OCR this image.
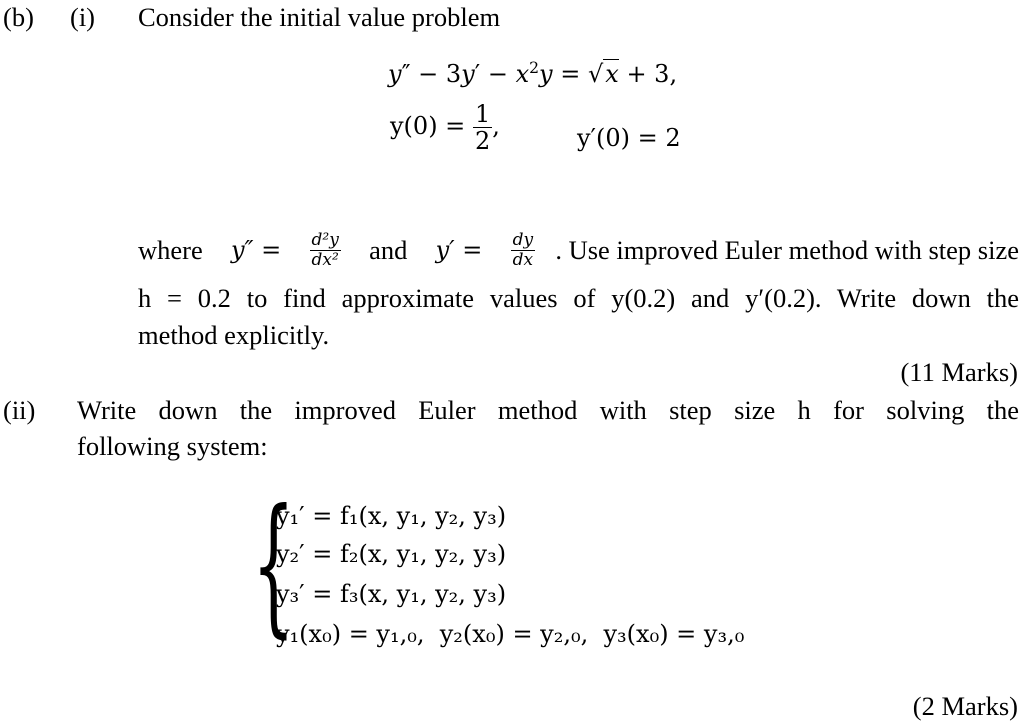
(b) (i) Consider the initial value problem
$y'' - 3y' - x^2y = √x + 3$,
$y(0) = \frac{1}{2}$ ,	y′(0) = 2
where $y'' = \frac{\text{d²y}}{\text{dx²}}$ and $y' = \frac{dy}{dx}$ . Use improved Euler method with step size
h = 0.2 to find approximate values of y(0.2) and y′(0.2). Write down the
method explicitly.
(11 Marks)
(ii) Write down the improved Euler method with step size h for solving the
following system:
{
y₁′ = f₁(x, y₁, y₂, y₃)
y₂′ = f₂(x, y₁, y₂, y₃)
y₃′ = f₃(x, y₁, y₂, y₃)
y₁(x₀) = y₁,₀,  y₂(x₀) = y₂,₀,  y₃(x₀) = y₃,₀
(2 Marks)
